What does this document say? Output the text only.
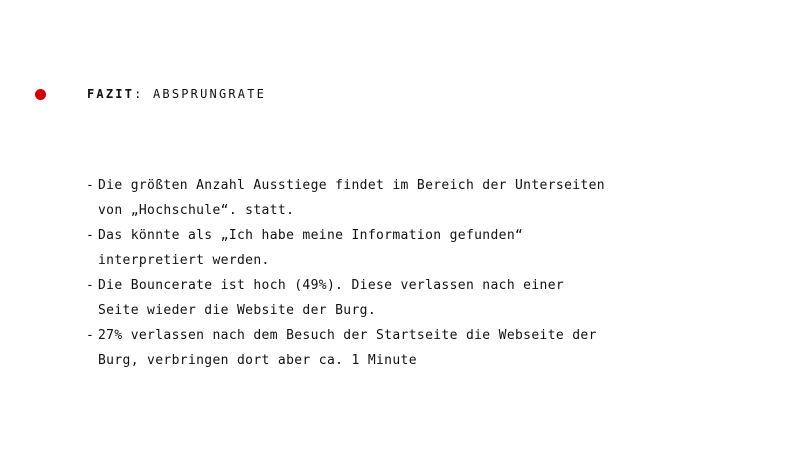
FAZIT: ABSPRUNGRATE
- Die größten Anzahl Ausstiege findet im Bereich der Unterseiten
von „Hochschule“. statt.
- Das könnte als „Ich habe meine Information gefunden“
interpretiert werden.
- Die Bouncerate ist hoch (49%). Diese verlassen nach einer
Seite wieder die Website der Burg.
- 27% verlassen nach dem Besuch der Startseite die Webseite der
Burg, verbringen dort aber ca. 1 Minute
